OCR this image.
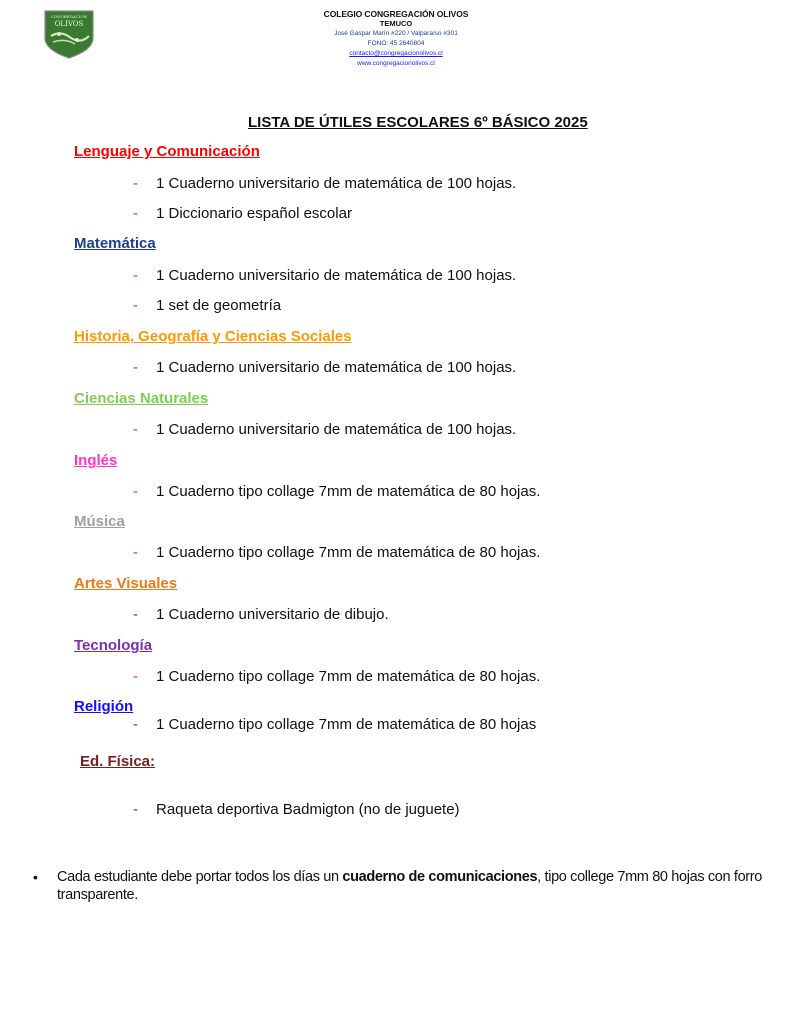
CONGREGACIÓN
OLIVOS
COLEGIO CONGREGACIÓN OLIVOS
TEMUCO
José Gaspar Marín #220 / Valparaíso #301
FONO: 45 2640804
contacto@congregacionolivos.cl
www.congregacionolivos.cl
LISTA DE ÚTILES ESCOLARES 6º BÁSICO 2025
Lenguaje y Comunicación
- 1 Cuaderno universitario de matemática de 100 hojas.
- 1 Diccionario español escolar
Matemática
- 1 Cuaderno universitario de matemática de 100 hojas.
- 1 set de geometría
Historia, Geografía y Ciencias Sociales
- 1 Cuaderno universitario de matemática de 100 hojas.
Ciencias Naturales
- 1 Cuaderno universitario de matemática de 100 hojas.
Inglés
- 1 Cuaderno tipo collage 7mm de matemática de 80 hojas.
Música
- 1 Cuaderno tipo collage 7mm de matemática de 80 hojas.
Artes Visuales
- 1 Cuaderno universitario de dibujo.
Tecnología
- 1 Cuaderno tipo collage 7mm de matemática de 80 hojas.
Religión
- 1 Cuaderno tipo collage 7mm de matemática de 80 hojas
Ed. Física:
- Raqueta deportiva Badmigton (no de juguete)
• Cada estudiante debe portar todos los días un cuaderno de comunicaciones, tipo college 7mm 80 hojas con forro transparente.
